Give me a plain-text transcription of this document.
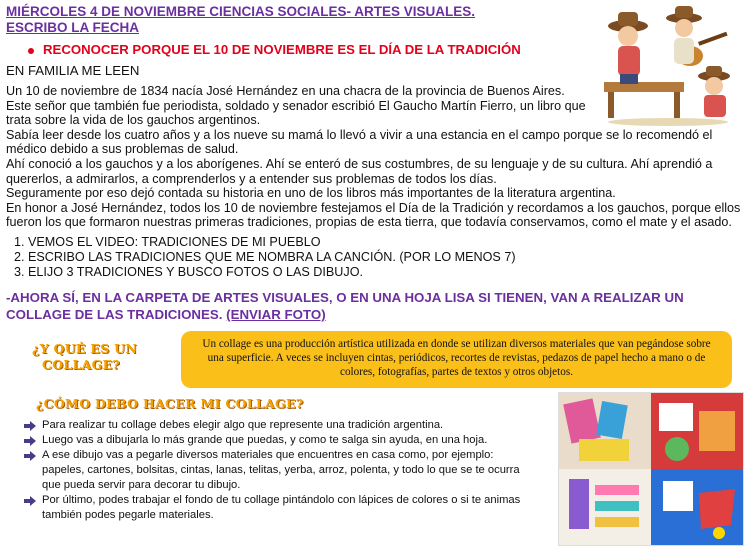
MIÉRCOLES 4 DE NOVIEMBRE CIENCIAS SOCIALES- ARTES VISUALES.
ESCRIBO LA FECHA
RECONOCER PORQUE EL 10 DE NOVIEMBRE ES EL DÍA DE LA TRADICIÓN
EN FAMILIA ME LEEN

Un 10 de noviembre de 1834 nacía José Hernández en una chacra de la provincia de Buenos Aires.

Este señor que también fue periodista, soldado y senador escribió El Gaucho Martín Fierro, un libro que

trata sobre la vida de los gauchos argentinos.

Sabía leer desde los cuatro años y a los nueve su mamá lo llevó a vivir a una estancia en el campo porque se lo recomendó el

médico debido a sus problemas de salud.

Ahí conoció a los gauchos y a los aborígenes. Ahí se enteró de sus costumbres, de su lenguaje y de su cultura. Ahí aprendió a

quererlos, a admirarlos, a comprenderlos y a entender sus problemas de todos los días.

Seguramente por eso dejó contada su historia en uno de los libros más importantes de la literatura argentina.

En honor a José Hernández, todos los 10 de noviembre festejamos el Día de la Tradición y recordamos a los gauchos, porque ellos

fueron los que formaron nuestras primeras tradiciones, propias de esta tierra, que todavía conservamos, como el mate y el asado.

1. VEMOS EL VIDEO: TRADICIONES DE MI PUEBLO
2. ESCRIBO LAS TRADICIONES QUE ME NOMBRA LA CANCIÓN. (POR LO MENOS 7)
3. ELIJO 3 TRADICIONES Y BUSCO FOTOS O LAS DIBUJO.
-AHORA SÍ, EN LA CARPETA DE ARTES VISUALES, O EN UNA HOJA LISA SI TIENEN, VAN A REALIZAR UN
COLLAGE DE LAS TRADICIONES. (ENVIAR FOTO)
¿Y QUÉ ES UN
COLLAGE?
Un collage es una producción artística utilizada en donde se utilizan diversos materiales que van pegándose sobre
una superficie. A veces se incluyen cintas, periódicos, recortes de revistas, pedazos de papel hecho a mano o de
colores, fotografías, partes de textos y otros objetos.
¿CÓMO DEBO HACER MI COLLAGE?
Para realizar tu collage debes elegir algo que represente una tradición argentina.
Luego vas a dibujarla lo más grande que puedas, y como te salga sin ayuda, en una hoja.
A ese dibujo vas a pegarle diversos materiales que encuentres en casa como, por ejemplo: papeles, cartones, bolsitas, cintas, lanas, telitas, yerba, arroz, polenta, y todo lo que se te ocurra que pueda servir para decorar tu dibujo.
Por último, podes trabajar el fondo de tu collage pintándolo con lápices de colores o si te animas también podes pegarle materiales.
